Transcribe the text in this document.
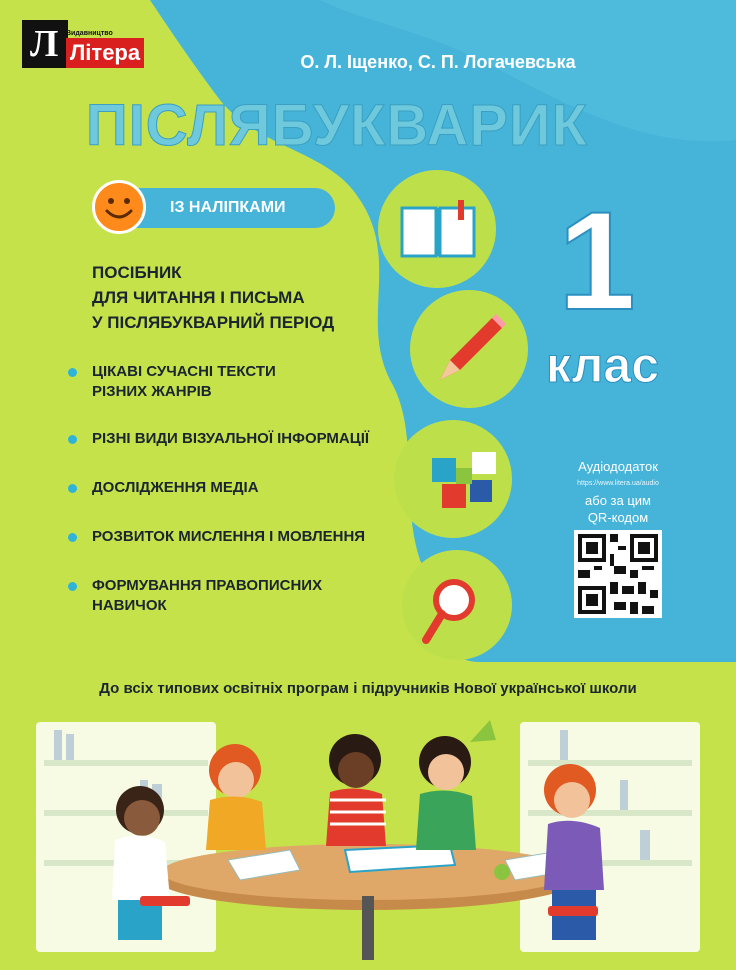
Л Видавництво
Літера	О. Л. Іщенко, С. П. Логачевська
ПІСЛЯБУКВАРИК
ІЗ НАЛІПКАМИ
ПОСІБНИК
ДЛЯ ЧИТАННЯ І ПИСЬМА
У ПІСЛЯБУКВАРНИЙ ПЕРІОД
ЦІКАВІ СУЧАСНІ ТЕКСТИ
РІЗНИХ ЖАНРІВ
РІЗНІ ВИДИ ВІЗУАЛЬНОЇ ІНФОРМАЦІЇ
ДОСЛІДЖЕННЯ МЕДІА
РОЗВИТОК МИСЛЕННЯ І МОВЛЕННЯ
ФОРМУВАННЯ ПРАВОПИСНИХ
НАВИЧОК
1
клас
Аудіододаток
https://www.litera.ua/audio
або за цим
QR-кодом
До всіх типових освітніх програм і підручників Нової української школи
